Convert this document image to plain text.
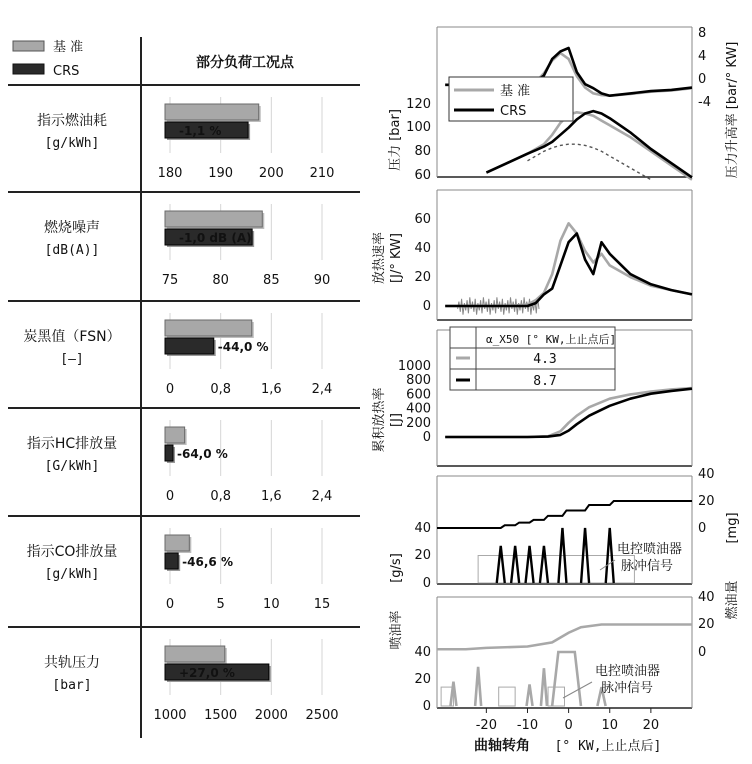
基 准
CRS
部分负荷工况点
指示燃油耗
[g/kWh]
180 190 200 210
-1,1 %
燃烧噪声
[dB(A)]
75	80	85	90
-1,0 dB (A)
炭黑值（FSN）
[–]
0	0,8 1,6 2,4
-44,0 %
指示HC排放量
[G/kWh]
0	0,8 1,6 2,4
-64,0 %
指示CO排放量
[g/kWh]
0	5	10	15
-46,6 %
共轨压力
[bar]
1000 1500 2000 2500
+27,0 %
60
80
100
120
8
4
0
-4
压力 [bar]	压力升高率 [bar/° KW]
基 准
CRS
0
20
40
60
放热速率 [J/° KW]
0
200
400
600
800
1000
累积放热率 [J]
α_X50 [° KW,上止点后]
4.3
8.7
0
20
40	0
20
40
[g/s]
[mg]
电控喷油器
脉冲信号
0
20
40	0
20
40
喷油率
燃油量
电控喷油器
脉冲信号
-20 -10 0 10 20
曲轴转角 [° KW,上止点后]
